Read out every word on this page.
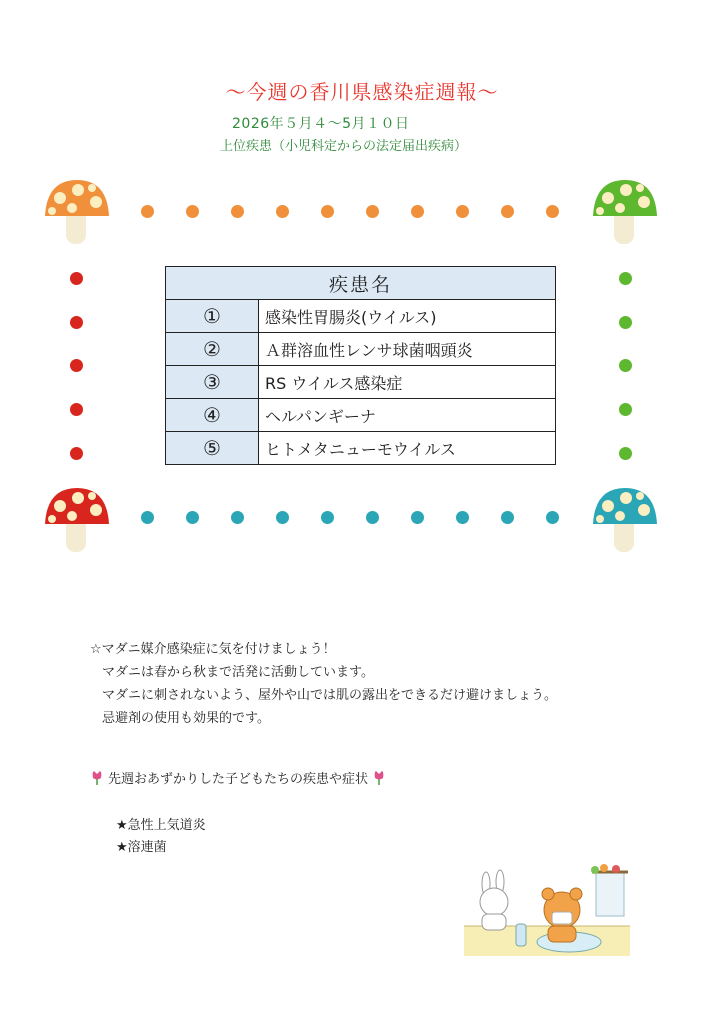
～今週の香川県感染症週報～
2026年５月４～5月１０日
上位疾患（小児科定からの法定届出疾病）
疾患名	
①	感染性胃腸炎(ウイルス)
②	Ａ群溶血性レンサ球菌咽頭炎
③	RS ウイルス感染症
④	ヘルパンギーナ
⑤	ヒトメタニューモウイルス
☆マダニ媒介感染症に気を付けましょう！
マダニは春から秋まで活発に活動しています。
マダニに刺されないよう、屋外や山では肌の露出をできるだけ避けましょう。
忌避剤の使用も効果的です。
先週おあずかりした子どもたちの疾患や症状
★急性上気道炎
★溶連菌
